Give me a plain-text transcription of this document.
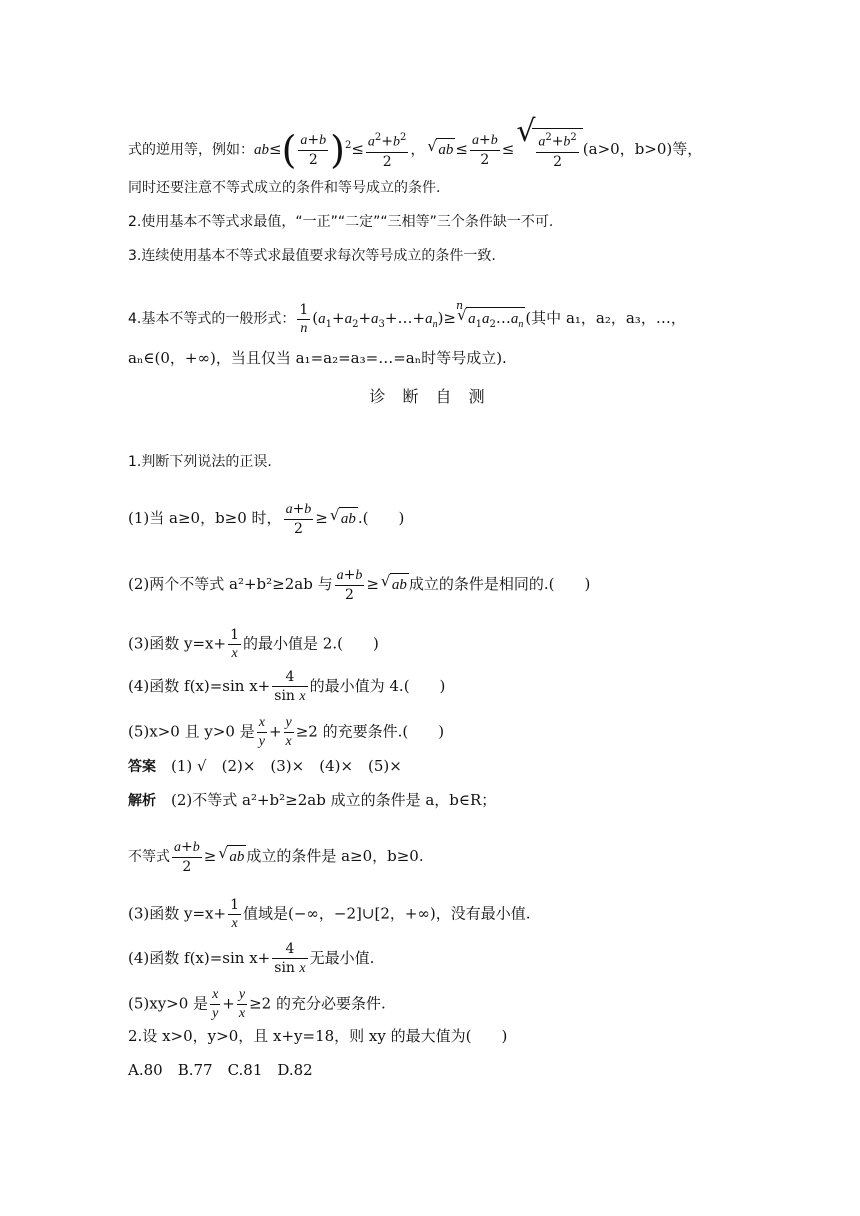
式的逆用等，例如：$ab\le( \frac{a+b}{2} )^2\le \frac{a^2+b^2}{2}$ ， √ ab ≤ $\frac{a+b}{2}$ ≤ √ $\frac{a^2+b^2}{2} (a>0$，b>0)等，
同时还要注意不等式成立的条件和等号成立的条件.
2.使用基本不等式求最值，“一正”“二定”“三相等”三个条件缺一不可.
3.连续使用基本不等式求最值要求每次等号成立的条件一致.
4.基本不等式的一般形式： $\frac{1}{n}$ $(a_1+a_2+a_3+\dots+a_n)\ge^n√$ $a_1a_2\dots a_n$ (其中 a₁，a₂，a₃，…，
aₙ∈(0，+∞)，当且仅当 a₁=a₂=a₃=…=aₙ时等号成立).
诊 断 自 测
1.判断下列说法的正误.
(1)当 a≥0，b≥0 时， $\frac{a+b}{2}$ ≥ √ ab .(　　)
(2)两个不等式 a²+b²≥2ab 与 $\frac{a+b}{2}$ ≥ √ ab 成立的条件是相同的.(　　)
(3)函数 $y=x+ \frac{1}{x}$ 的最小值是 2.(　　)
(4)函数 f(x)=sin $x+ \frac{4}{\text{sin x}}$ 的最小值为 4.(　　)
(5)x>0 且 y>0 是 $\frac{x}{y} + \frac{y}{x} \ge 2$ 的充要条件.(　　)
答案　 (1) √　(2)×　(3)×　(4)×　(5)×
解析　 (2)不等式 a²+b²≥2ab 成立的条件是 a，b∈R；
不等式 $\frac{a+b}{2}$ ≥ √ ab 成立的条件是 a≥0，b≥0.
(3)函数 $y=x+ \frac{1}{x}$ 值域是(−∞，−2]∪[2，+∞)，没有最小值.
(4)函数 f(x)=sin $x+ \frac{4}{\text{sin x}}$ 无最小值.
(5)xy>0 是 $\frac{x}{y} + \frac{y}{x} \ge 2$ 的充分必要条件.
2.设 x>0，y>0，且 x+y=18，则 xy 的最大值为(　　)
A.80　B.77　C.81　D.82
